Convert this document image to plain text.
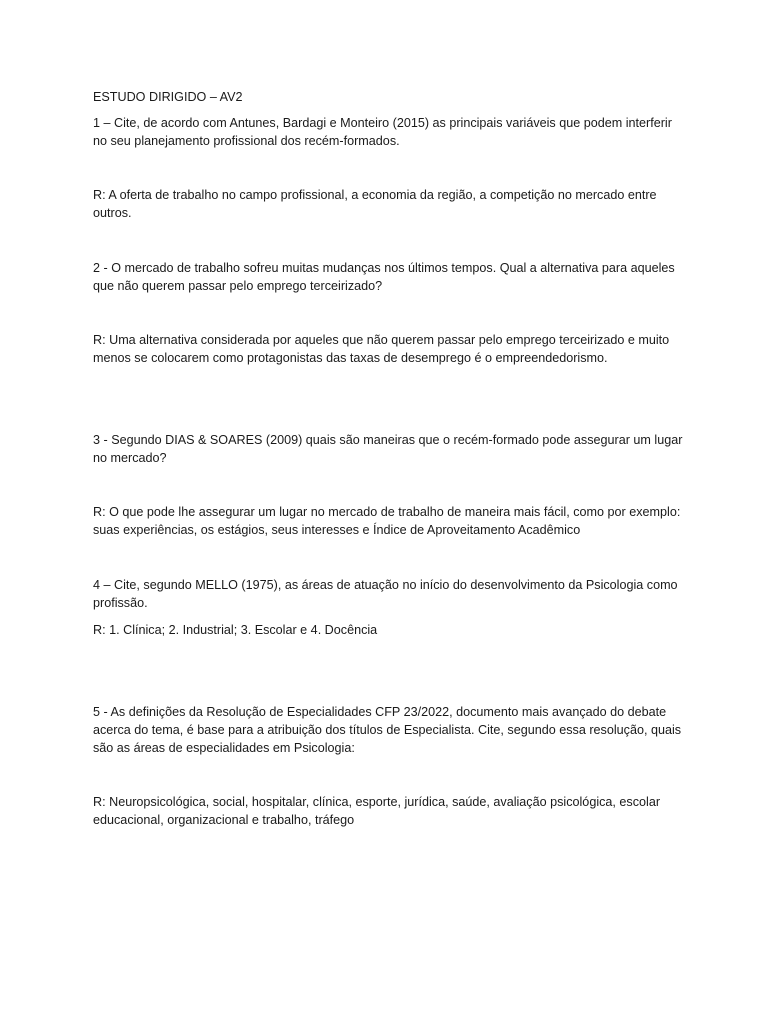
ESTUDO DIRIGIDO – AV2

1 – Cite, de acordo com Antunes, Bardagi e Monteiro (2015) as principais variáveis que podem interferir no seu planejamento profissional dos recém-formados.

R: A oferta de trabalho no campo profissional, a economia da região, a competição no mercado entre outros.

2 - O mercado de trabalho sofreu muitas mudanças nos últimos tempos. Qual a alternativa para aqueles que não querem passar pelo emprego terceirizado?

R: Uma alternativa considerada por aqueles que não querem passar pelo emprego terceirizado e muito menos se colocarem como protagonistas das taxas de desemprego é o empreendedorismo.

3 - Segundo DIAS & SOARES (2009) quais são maneiras que o recém-formado pode assegurar um lugar no mercado?

R: O que pode lhe assegurar um lugar no mercado de trabalho de maneira mais fácil, como por exemplo: suas experiências, os estágios, seus interesses e Índice de Aproveitamento Acadêmico

4 – Cite, segundo MELLO (1975), as áreas de atuação no início do desenvolvimento da Psicologia como profissão.

R: 1. Clínica; 2. Industrial; 3. Escolar e 4. Docência

5 - As definições da Resolução de Especialidades CFP 23/2022, documento mais avançado do debate acerca do tema, é base para a atribuição dos títulos de Especialista. Cite, segundo essa resolução, quais são as áreas de especialidades em Psicologia:

R: Neuropsicológica, social, hospitalar, clínica, esporte, jurídica, saúde, avaliação psicológica, escolar educacional, organizacional e trabalho, tráfego
